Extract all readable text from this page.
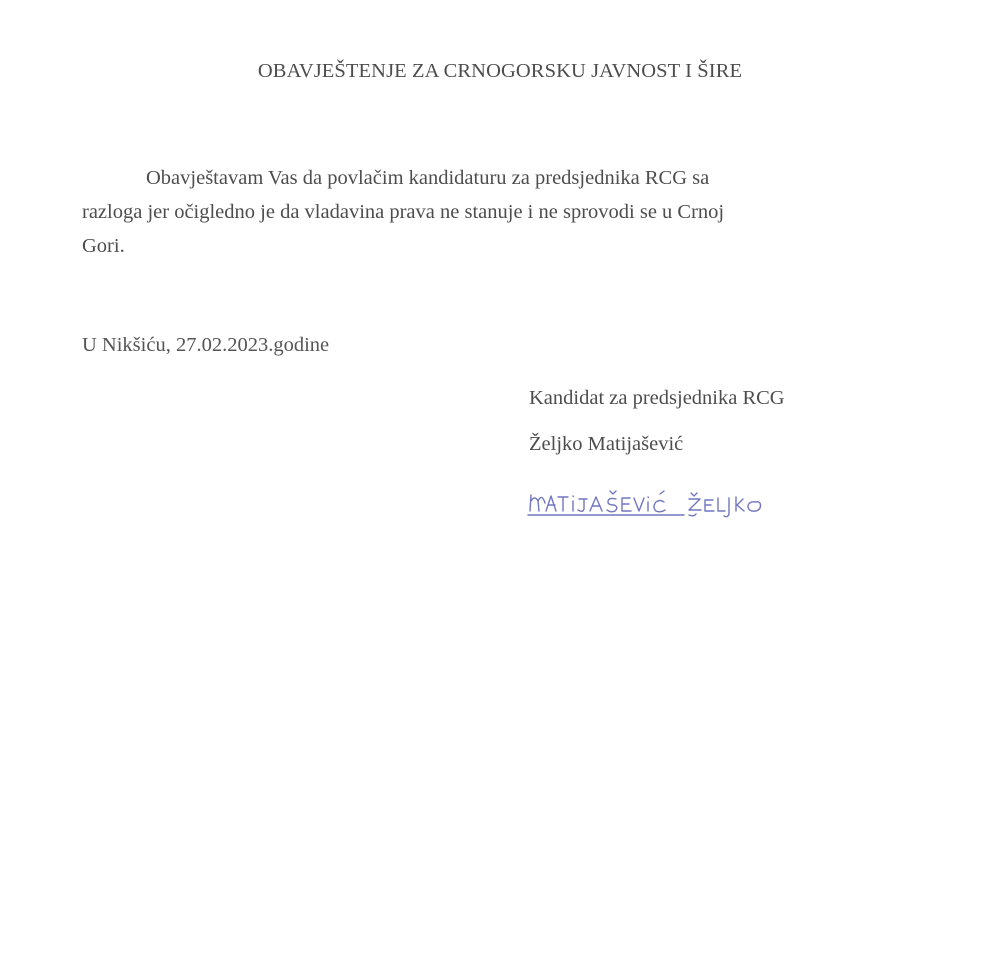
OBAVJEŠTENJE ZA CRNOGORSKU JAVNOST I ŠIRE
Obavještavam Vas da povlačim kandidaturu za predsjednika RCG sa
razloga jer očigledno je da vladavina prava ne stanuje i ne sprovodi se u Crnoj
Gori.
U Nikšiću, 27.02.2023.godine
Kandidat za predsjednika RCG
Željko Matijašević
